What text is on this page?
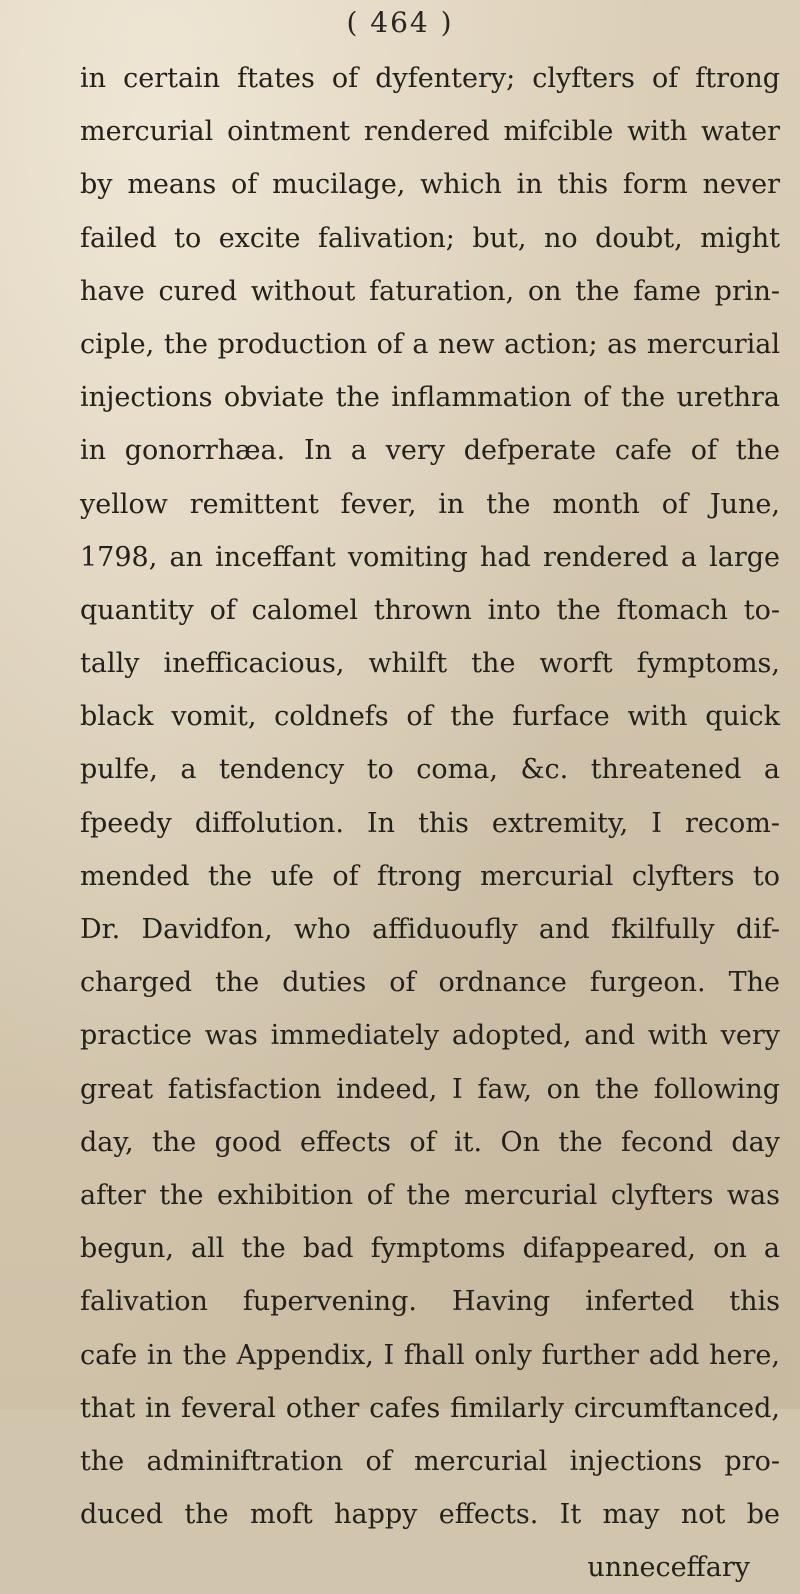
( 464 )
in certain ftates of dyfentery; clyfters of ftrong
mercurial ointment rendered mifcible with water
by means of mucilage, which in this form never
failed to excite falivation; but, no doubt, might
have cured without faturation, on the fame prin-
ciple, the production of a new action; as mercurial
injections obviate the inflammation of the urethra
in gonorrhæa. In a very defperate cafe of the
yellow remittent fever, in the month of June,
1798, an inceffant vomiting had rendered a large
quantity of calomel thrown into the ftomach to-
tally inefficacious, whilft the worft fymptoms,
black vomit, coldnefs of the furface with quick
pulfe, a tendency to coma, &c. threatened a
fpeedy diffolution. In this extremity, I recom-
mended the ufe of ftrong mercurial clyfters to
Dr. Davidfon, who affiduoufly and fkilfully dif-
charged the duties of ordnance furgeon. The
practice was immediately adopted, and with very
great fatisfaction indeed, I faw, on the following
day, the good effects of it. On the fecond day
after the exhibition of the mercurial clyfters was
begun, all the bad fymptoms difappeared, on a
falivation fupervening. Having inferted this
cafe in the Appendix, I fhall only further add here,
that in feveral other cafes fimilarly circumftanced,
the adminiftration of mercurial injections pro-
duced the moft happy effects. It may not be
unneceffary
